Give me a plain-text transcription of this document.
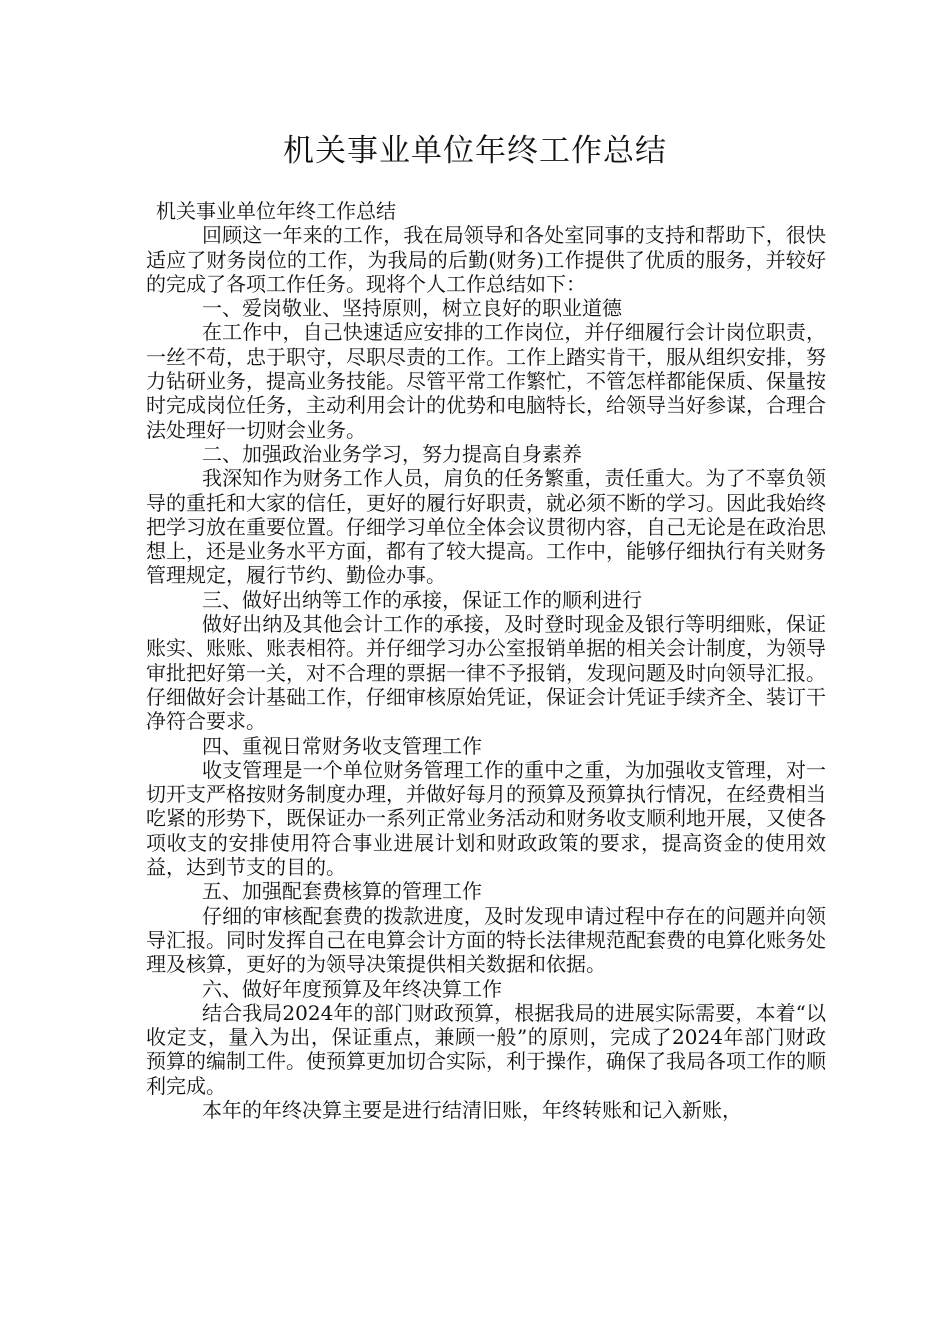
机关事业单位年终工作总结

机关事业单位年终工作总结

回顾这一年来的工作，我在局领导和各处室同事的支持和帮助下，很快适应了财务岗位的工作，为我局的后勤(财务)工作提供了优质的服务，并较好的完成了各项工作任务。现将个人工作总结如下：

一、爱岗敬业、坚持原则，树立良好的职业道德

在工作中，自己快速适应安排的工作岗位，并仔细履行会计岗位职责，一丝不苟，忠于职守，尽职尽责的工作。工作上踏实肯干，服从组织安排，努力钻研业务，提高业务技能。尽管平常工作繁忙，不管怎样都能保质、保量按时完成岗位任务，主动利用会计的优势和电脑特长，给领导当好参谋，合理合法处理好一切财会业务。

二、加强政治业务学习，努力提高自身素养

我深知作为财务工作人员，肩负的任务繁重，责任重大。为了不辜负领导的重托和大家的信任，更好的履行好职责，就必须不断的学习。因此我始终把学习放在重要位置。仔细学习单位全体会议贯彻内容，自己无论是在政治思想上，还是业务水平方面，都有了较大提高。工作中，能够仔细执行有关财务管理规定，履行节约、勤俭办事。

三、做好出纳等工作的承接，保证工作的顺利进行

做好出纳及其他会计工作的承接，及时登时现金及银行等明细账，保证账实、账账、账表相符。并仔细学习办公室报销单据的相关会计制度，为领导审批把好第一关，对不合理的票据一律不予报销，发现问题及时向领导汇报。仔细做好会计基础工作，仔细审核原始凭证，保证会计凭证手续齐全、装订干净符合要求。

四、重视日常财务收支管理工作

收支管理是一个单位财务管理工作的重中之重，为加强收支管理，对一切开支严格按财务制度办理，并做好每月的预算及预算执行情况，在经费相当吃紧的形势下，既保证办一系列正常业务活动和财务收支顺利地开展，又使各项收支的安排使用符合事业进展计划和财政政策的要求，提高资金的使用效益，达到节支的目的。

五、加强配套费核算的管理工作

仔细的审核配套费的拨款进度，及时发现申请过程中存在的问题并向领导汇报。同时发挥自己在电算会计方面的特长法律规范配套费的电算化账务处理及核算，更好的为领导决策提供相关数据和依据。

六、做好年度预算及年终决算工作

结合我局2024年的部门财政预算，根据我局的进展实际需要，本着“以收定支，量入为出，保证重点，兼顾一般”的原则，完成了2024年部门财政预算的编制工件。使预算更加切合实际，利于操作，确保了我局各项工作的顺利完成。

本年的年终决算主要是进行结清旧账，年终转账和记入新账，
